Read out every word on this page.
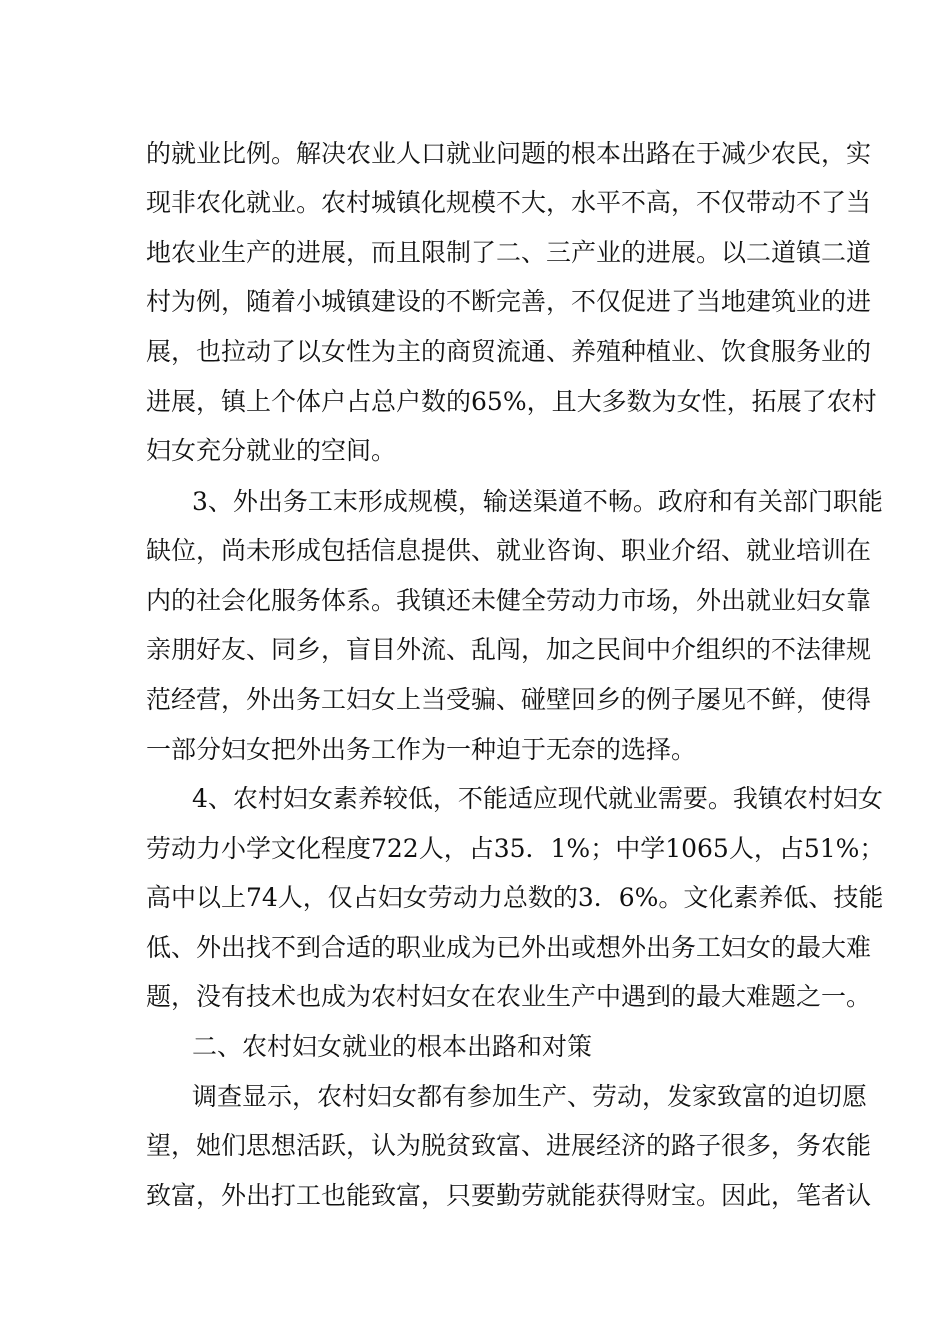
的就业比例。解决农业人口就业问题的根本出路在于减少农民，实
现非农化就业。农村城镇化规模不大，水平不高，不仅带动不了当
地农业生产的进展，而且限制了二、三产业的进展。以二道镇二道
村为例，随着小城镇建设的不断完善，不仅促进了当地建筑业的进
展，也拉动了以女性为主的商贸流通、养殖种植业、饮食服务业的
进展，镇上个体户占总户数的65%，且大多数为女性，拓展了农村
妇女充分就业的空间。
3、外出务工末形成规模，输送渠道不畅。政府和有关部门职能
缺位，尚未形成包括信息提供、就业咨询、职业介绍、就业培训在
内的社会化服务体系。我镇还未健全劳动力市场，外出就业妇女靠
亲朋好友、同乡，盲目外流、乱闯，加之民间中介组织的不法律规
范经营，外出务工妇女上当受骗、碰壁回乡的例子屡见不鲜，使得
一部分妇女把外出务工作为一种迫于无奈的选择。
4、农村妇女素养较低，不能适应现代就业需要。我镇农村妇女
劳动力小学文化程度722人，占35．1%；中学1065人，占51%；
高中以上74人，仅占妇女劳动力总数的3．6%。文化素养低、技能
低、外出找不到合适的职业成为已外出或想外出务工妇女的最大难
题，没有技术也成为农村妇女在农业生产中遇到的最大难题之一。
二、农村妇女就业的根本出路和对策
调查显示，农村妇女都有参加生产、劳动，发家致富的迫切愿
望，她们思想活跃，认为脱贫致富、进展经济的路子很多，务农能
致富，外出打工也能致富，只要勤劳就能获得财宝。因此，笔者认
